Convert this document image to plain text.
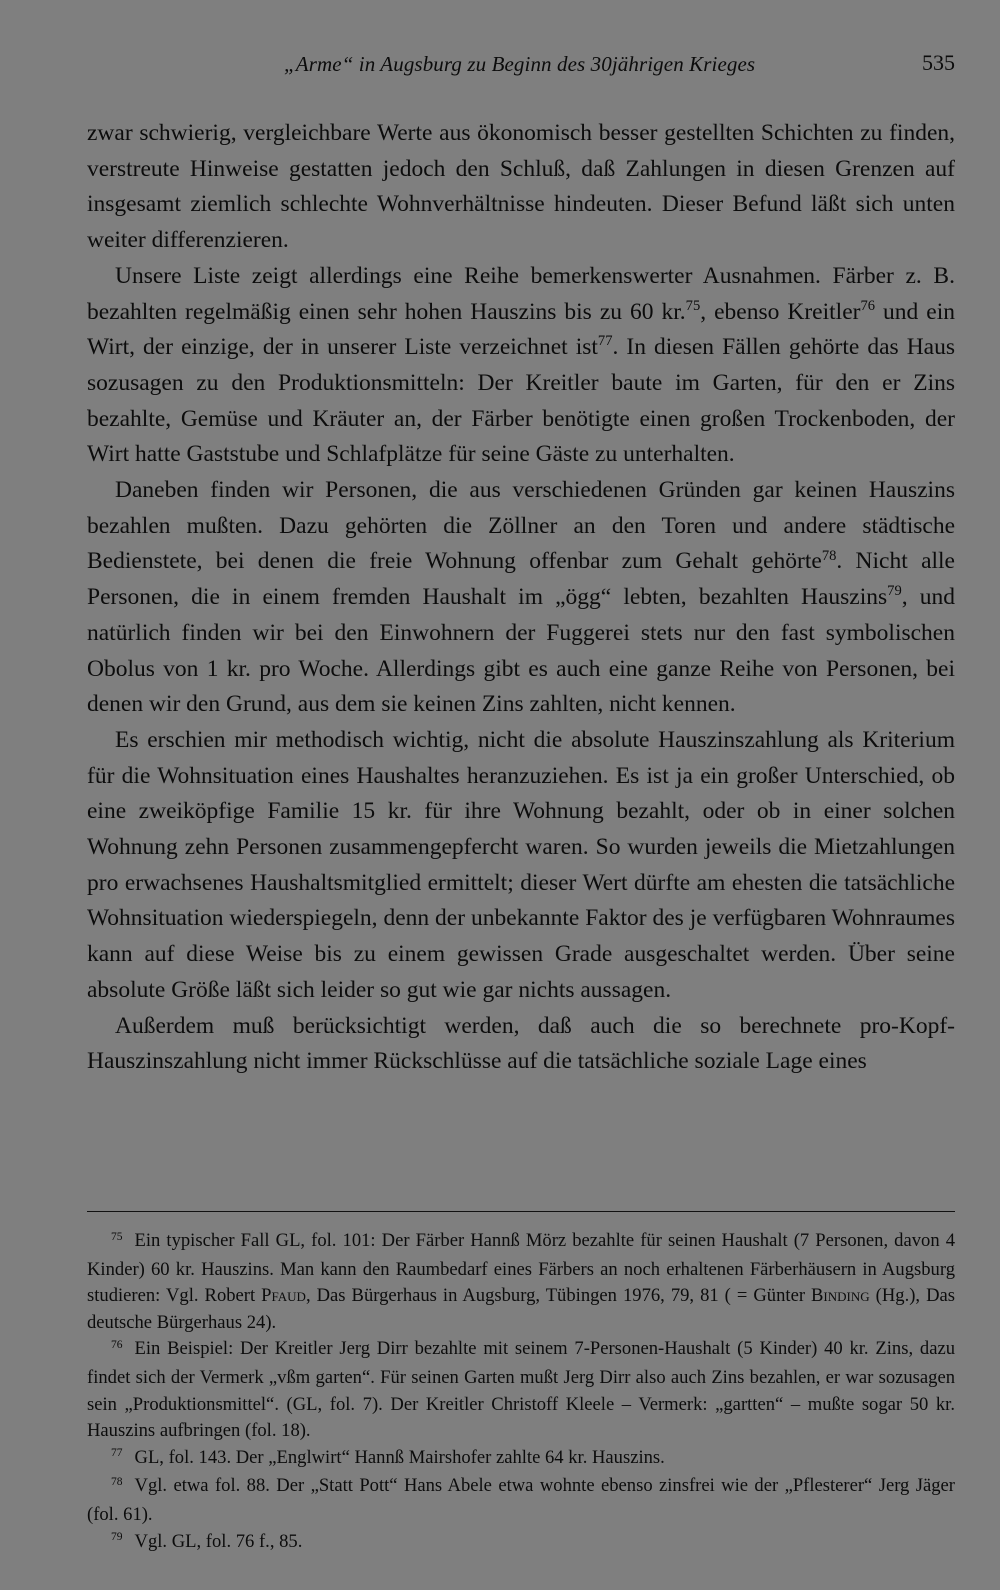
„Arme“ in Augsburg zu Beginn des 30jährigen Krieges	535

zwar schwierig, vergleichbare Werte aus ökonomisch besser gestellten Schichten zu finden, verstreute Hinweise gestatten jedoch den Schluß, daß Zahlungen in diesen Grenzen auf insgesamt ziemlich schlechte Wohnverhältnisse hindeuten. Dieser Befund läßt sich unten weiter differenzieren.

Unsere Liste zeigt allerdings eine Reihe bemerkenswerter Ausnahmen. Färber z. B. bezahlten regelmäßig einen sehr hohen Hauszins bis zu 60 kr.$^{75}$, ebenso Kreitler$^{76}$ und ein Wirt, der einzige, der in unserer Liste verzeichnet ist$^{77}$. In diesen Fällen gehörte das Haus sozusagen zu den Produktionsmitteln: Der Kreitler baute im Garten, für den er Zins bezahlte, Gemüse und Kräuter an, der Färber benötigte einen großen Trockenboden, der Wirt hatte Gaststube und Schlafplätze für seine Gäste zu unterhalten.

Daneben finden wir Personen, die aus verschiedenen Gründen gar keinen Hauszins bezahlen mußten. Dazu gehörten die Zöllner an den Toren und andere städtische Bedienstete, bei denen die freie Wohnung offenbar zum Gehalt gehörte$^{78}$. Nicht alle Personen, die in einem fremden Haushalt im „ögg“ lebten, bezahlten Hauszins$^{79}$, und natürlich finden wir bei den Einwohnern der Fuggerei stets nur den fast symbolischen Obolus von 1 kr. pro Woche. Allerdings gibt es auch eine ganze Reihe von Personen, bei denen wir den Grund, aus dem sie keinen Zins zahlten, nicht kennen.

Es erschien mir methodisch wichtig, nicht die absolute Hauszinszahlung als Kriterium für die Wohnsituation eines Haushaltes heranzuziehen. Es ist ja ein großer Unterschied, ob eine zweiköpfige Familie 15 kr. für ihre Wohnung bezahlt, oder ob in einer solchen Wohnung zehn Personen zusammengepfercht waren. So wurden jeweils die Mietzahlungen pro erwachsenes Haushaltsmitglied ermittelt; dieser Wert dürfte am ehesten die tatsächliche Wohnsituation wiederspiegeln, denn der unbekannte Faktor des je verfügbaren Wohnraumes kann auf diese Weise bis zu einem gewissen Grade ausgeschaltet werden. Über seine absolute Größe läßt sich leider so gut wie gar nichts aussagen.

Außerdem muß berücksichtigt werden, daß auch die so berechnete pro-Kopf-Hauszinszahlung nicht immer Rückschlüsse auf die tatsächliche soziale Lage eines

$^{75}$ Ein typischer Fall GL, fol. 101: Der Färber Hannß Mörz bezahlte für seinen Haushalt (7 Personen, davon 4 Kinder) 60 kr. Hauszins. Man kann den Raumbedarf eines Färbers an noch erhaltenen Färberhäusern in Augsburg studieren: Vgl. Robert Pfaud, Das Bürgerhaus in Augsburg, Tübingen 1976, 79, 81 ( = Günter Binding (Hg.), Das deutsche Bürgerhaus 24).

$^{76}$ Ein Beispiel: Der Kreitler Jerg Dirr bezahlte mit seinem 7-Personen-Haushalt (5 Kinder) 40 kr. Zins, dazu findet sich der Vermerk „vßm garten“. Für seinen Garten mußt Jerg Dirr also auch Zins bezahlen, er war sozusagen sein „Produktionsmittel“. (GL, fol. 7). Der Kreitler Christoff Kleele – Vermerk: „gartten“ – mußte sogar 50 kr. Hauszins aufbringen (fol. 18).

$^{77}$ GL, fol. 143. Der „Englwirt“ Hannß Mairshofer zahlte 64 kr. Hauszins.

$^{78}$ Vgl. etwa fol. 88. Der „Statt Pott“ Hans Abele etwa wohnte ebenso zinsfrei wie der „Pflesterer“ Jerg Jäger (fol. 61).

$^{79}$ Vgl. GL, fol. 76 f., 85.
